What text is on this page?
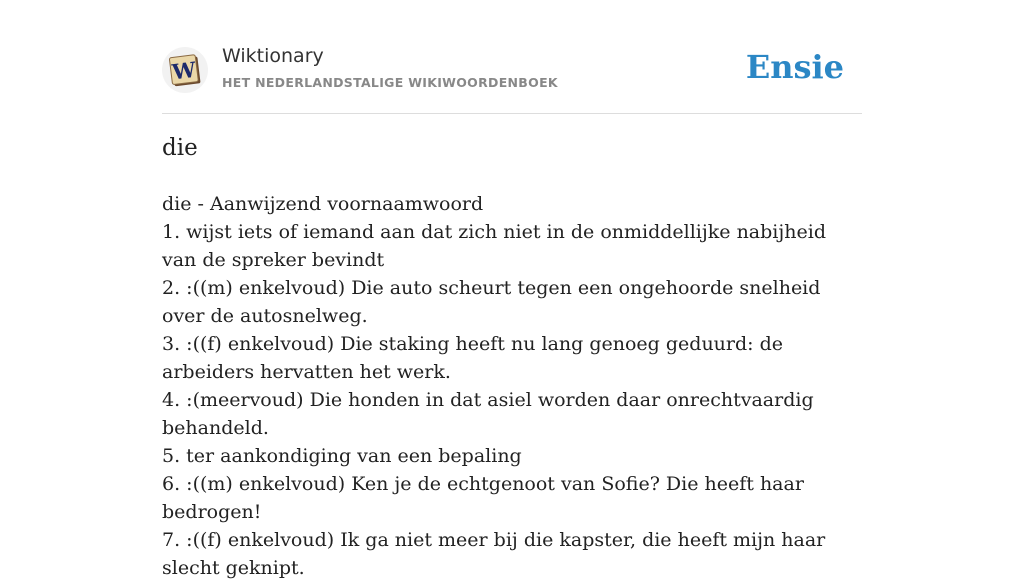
W
Wiktionary
HET NEDERLANDSTALIGE WIKIWOORDENBOEK	Ensie
die

die - Aanwijzend voornaamwoord

1. wijst iets of iemand aan dat zich niet in de onmiddellijke nabijheid van de spreker bevindt

2. :((m) enkelvoud) Die auto scheurt tegen een ongehoorde snelheid over de autosnelweg.

3. :((f) enkelvoud) Die staking heeft nu lang genoeg geduurd: de arbeiders hervatten het werk.

4. :(meervoud) Die honden in dat asiel worden daar onrechtvaardig behandeld.

5. ter aankondiging van een bepaling

6. :((m) enkelvoud) Ken je de echtgenoot van Sofie? Die heeft haar bedrogen!

7. :((f) enkelvoud) Ik ga niet meer bij die kapster, die heeft mijn haar slecht geknipt.
